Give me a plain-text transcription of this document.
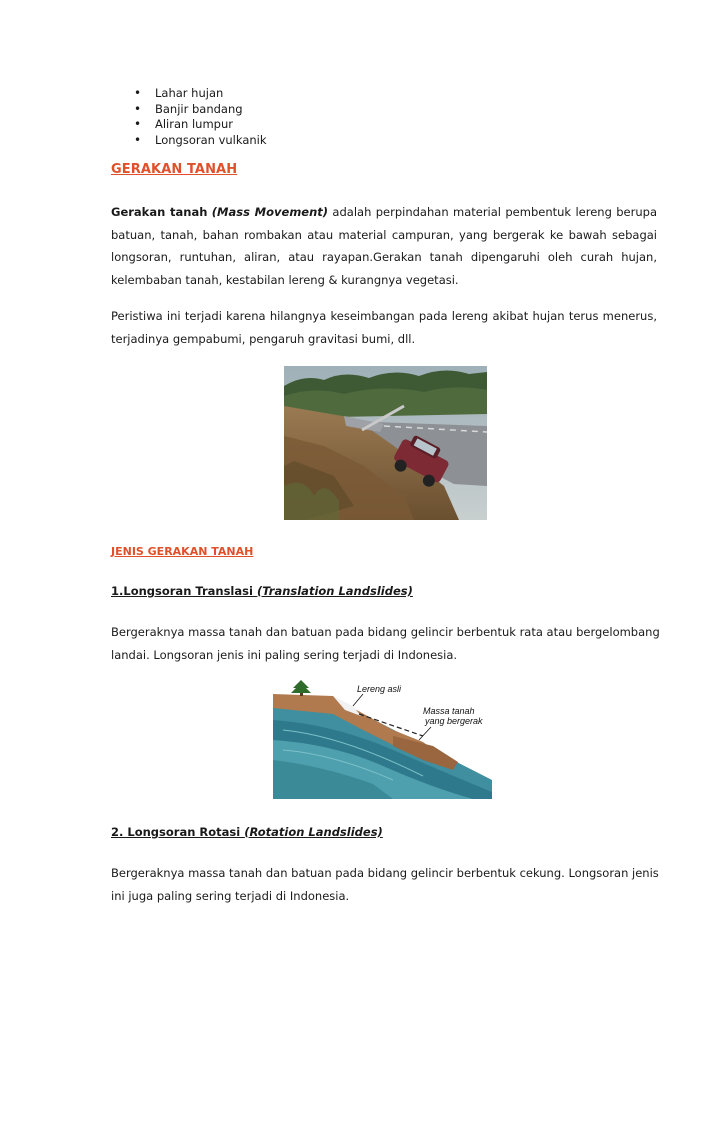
• Lahar hujan
• Banjir bandang
• Aliran lumpur
• Longsoran vulkanik
GERAKAN TANAH
Gerakan tanah (Mass Movement) adalah perpindahan material pembentuk lereng berupa batuan, tanah, bahan rombakan atau material campuran, yang bergerak ke bawah sebagai longsoran, runtuhan, aliran, atau rayapan.Gerakan tanah dipengaruhi oleh curah hujan, kelembaban tanah, kestabilan lereng & kurangnya vegetasi.
Peristiwa ini terjadi karena hilangnya keseimbangan pada lereng akibat hujan terus menerus, terjadinya gempabumi, pengaruh gravitasi bumi, dll.
JENIS GERAKAN TANAH
1.Longsoran Translasi (Translation Landslides)
Bergeraknya massa tanah dan batuan pada bidang gelincir berbentuk rata atau bergelombang landai. Longsoran jenis ini paling sering terjadi di Indonesia.
Lereng asli
Massa tanah
yang bergerak
2. Longsoran Rotasi (Rotation Landslides)
Bergeraknya massa tanah dan batuan pada bidang gelincir berbentuk cekung. Longsoran jenis ini juga paling sering terjadi di Indonesia.
